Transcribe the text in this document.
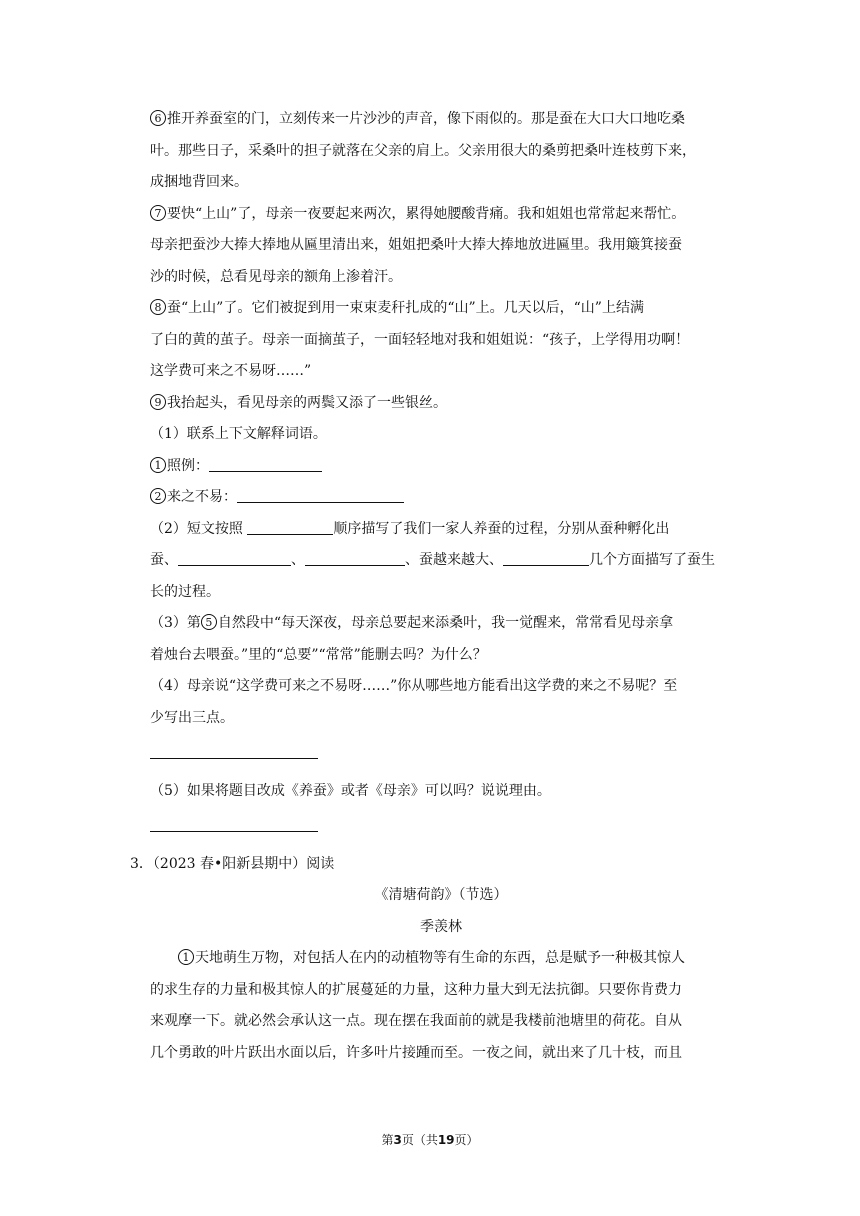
6 推开养蚕室的门，立刻传来一片沙沙的声音，像下雨似的。那是蚕在大口大口地吃桑
叶。那些日子，采桑叶的担子就落在父亲的肩上。父亲用很大的桑剪把桑叶连枝剪下来，
成捆地背回来。
7 要快“上山”了，母亲一夜要起来两次，累得她腰酸背痛。我和姐姐也常常起来帮忙。
母亲把蚕沙大捧大捧地从匾里清出来，姐姐把桑叶大捧大捧地放进匾里。我用簸箕接蚕
沙的时候，总看见母亲的额角上渗着汗。
8 蚕“上山”了。它们被捉到用一束束麦秆扎成的“山”上。几天以后，“山”上结满
了白的黄的茧子。母亲一面摘茧子，一面轻轻地对我和姐姐说：“孩子，上学得用功啊！
这学费可来之不易呀……”
9 我抬起头，看见母亲的两鬓又添了一些银丝。
（1）联系上下文解释词语。
1 照例：
2 来之不易：
（2）短文按照	顺序描写了我们一家人养蚕的过程，分别从蚕种孵化出
蚕、	、	、蚕越来越大、	几个方面描写了蚕生
长的过程。
（3）第 5 自然段中“每天深夜，母亲总要起来添桑叶，我一觉醒来，常常看见母亲拿
着烛台去喂蚕。”里的“总要”“常常”能删去吗？为什么？
（4）母亲说“这学费可来之不易呀……”你从哪些地方能看出这学费的来之不易呢？至
少写出三点。
（5）如果将题目改成《养蚕》或者《母亲》可以吗？说说理由。
3．（2023 春•阳新县期中）阅读
《清塘荷韵》（节选）
季羡林
1 天地萌生万物，对包括人在内的动植物等有生命的东西，总是赋予一种极其惊人
的求生存的力量和极其惊人的扩展蔓延的力量，这种力量大到无法抗御。只要你肯费力
来观摩一下。就必然会承认这一点。现在摆在我面前的就是我楼前池塘里的荷花。自从
几个勇敢的叶片跃出水面以后，许多叶片接踵而至。一夜之间，就出来了几十枝，而且
第3页（共19页）
